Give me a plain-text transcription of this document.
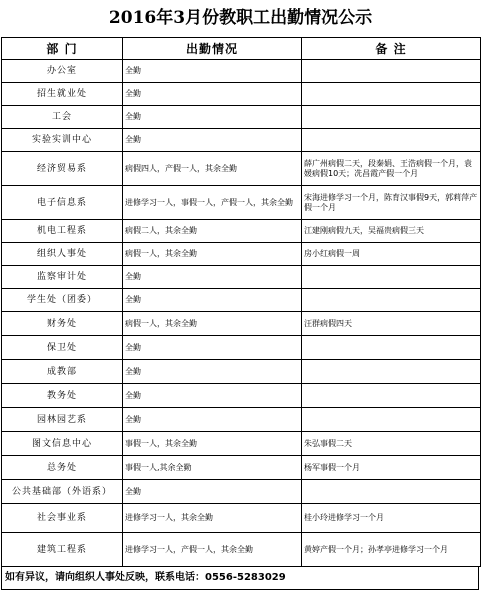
2016年3月份教职工出勤情况公示
部 门	出勤情况	备 注
办公室	全勤	
招生就业处	全勤	
工会	全勤	
实验实训中心	全勤	
经济贸易系	病假四人，产假一人，其余全勤	薛广州病假二天，段秦娟、王浩病假一个月，袁媛病假10天；冼昌霞产假一个月
电子信息系	进修学习一人，事假一人，产假一人，其余全勤	宋海进修学习一个月，陈育汉事假9天，郭莉萍产假一个月
机电工程系	病假二人，其余全勤	江建刚病假九天，吴福贵病假三天
组织人事处	病假一人，其余全勤	房小红病假一周
监察审计处	全勤	
学生处（团委）	全勤	
财务处	病假一人，其余全勤	汪群病假四天
保卫处	全勤	
成教部	全勤	
教务处	全勤	
园林园艺系	全勤	
图文信息中心	事假一人，其余全勤	朱弘事假二天
总务处	事假一人,其余全勤	杨军事假一个月
公共基础部（外语系）	全勤	
社会事业系	进修学习一人，其余全勤	桂小玲进修学习一个月
建筑工程系	进修学习一人，产假一人，其余全勤	黄婷产假一个月；孙孝亭进修学习一个月
如有异议，请向组织人事处反映，联系电话：0556-5283029
